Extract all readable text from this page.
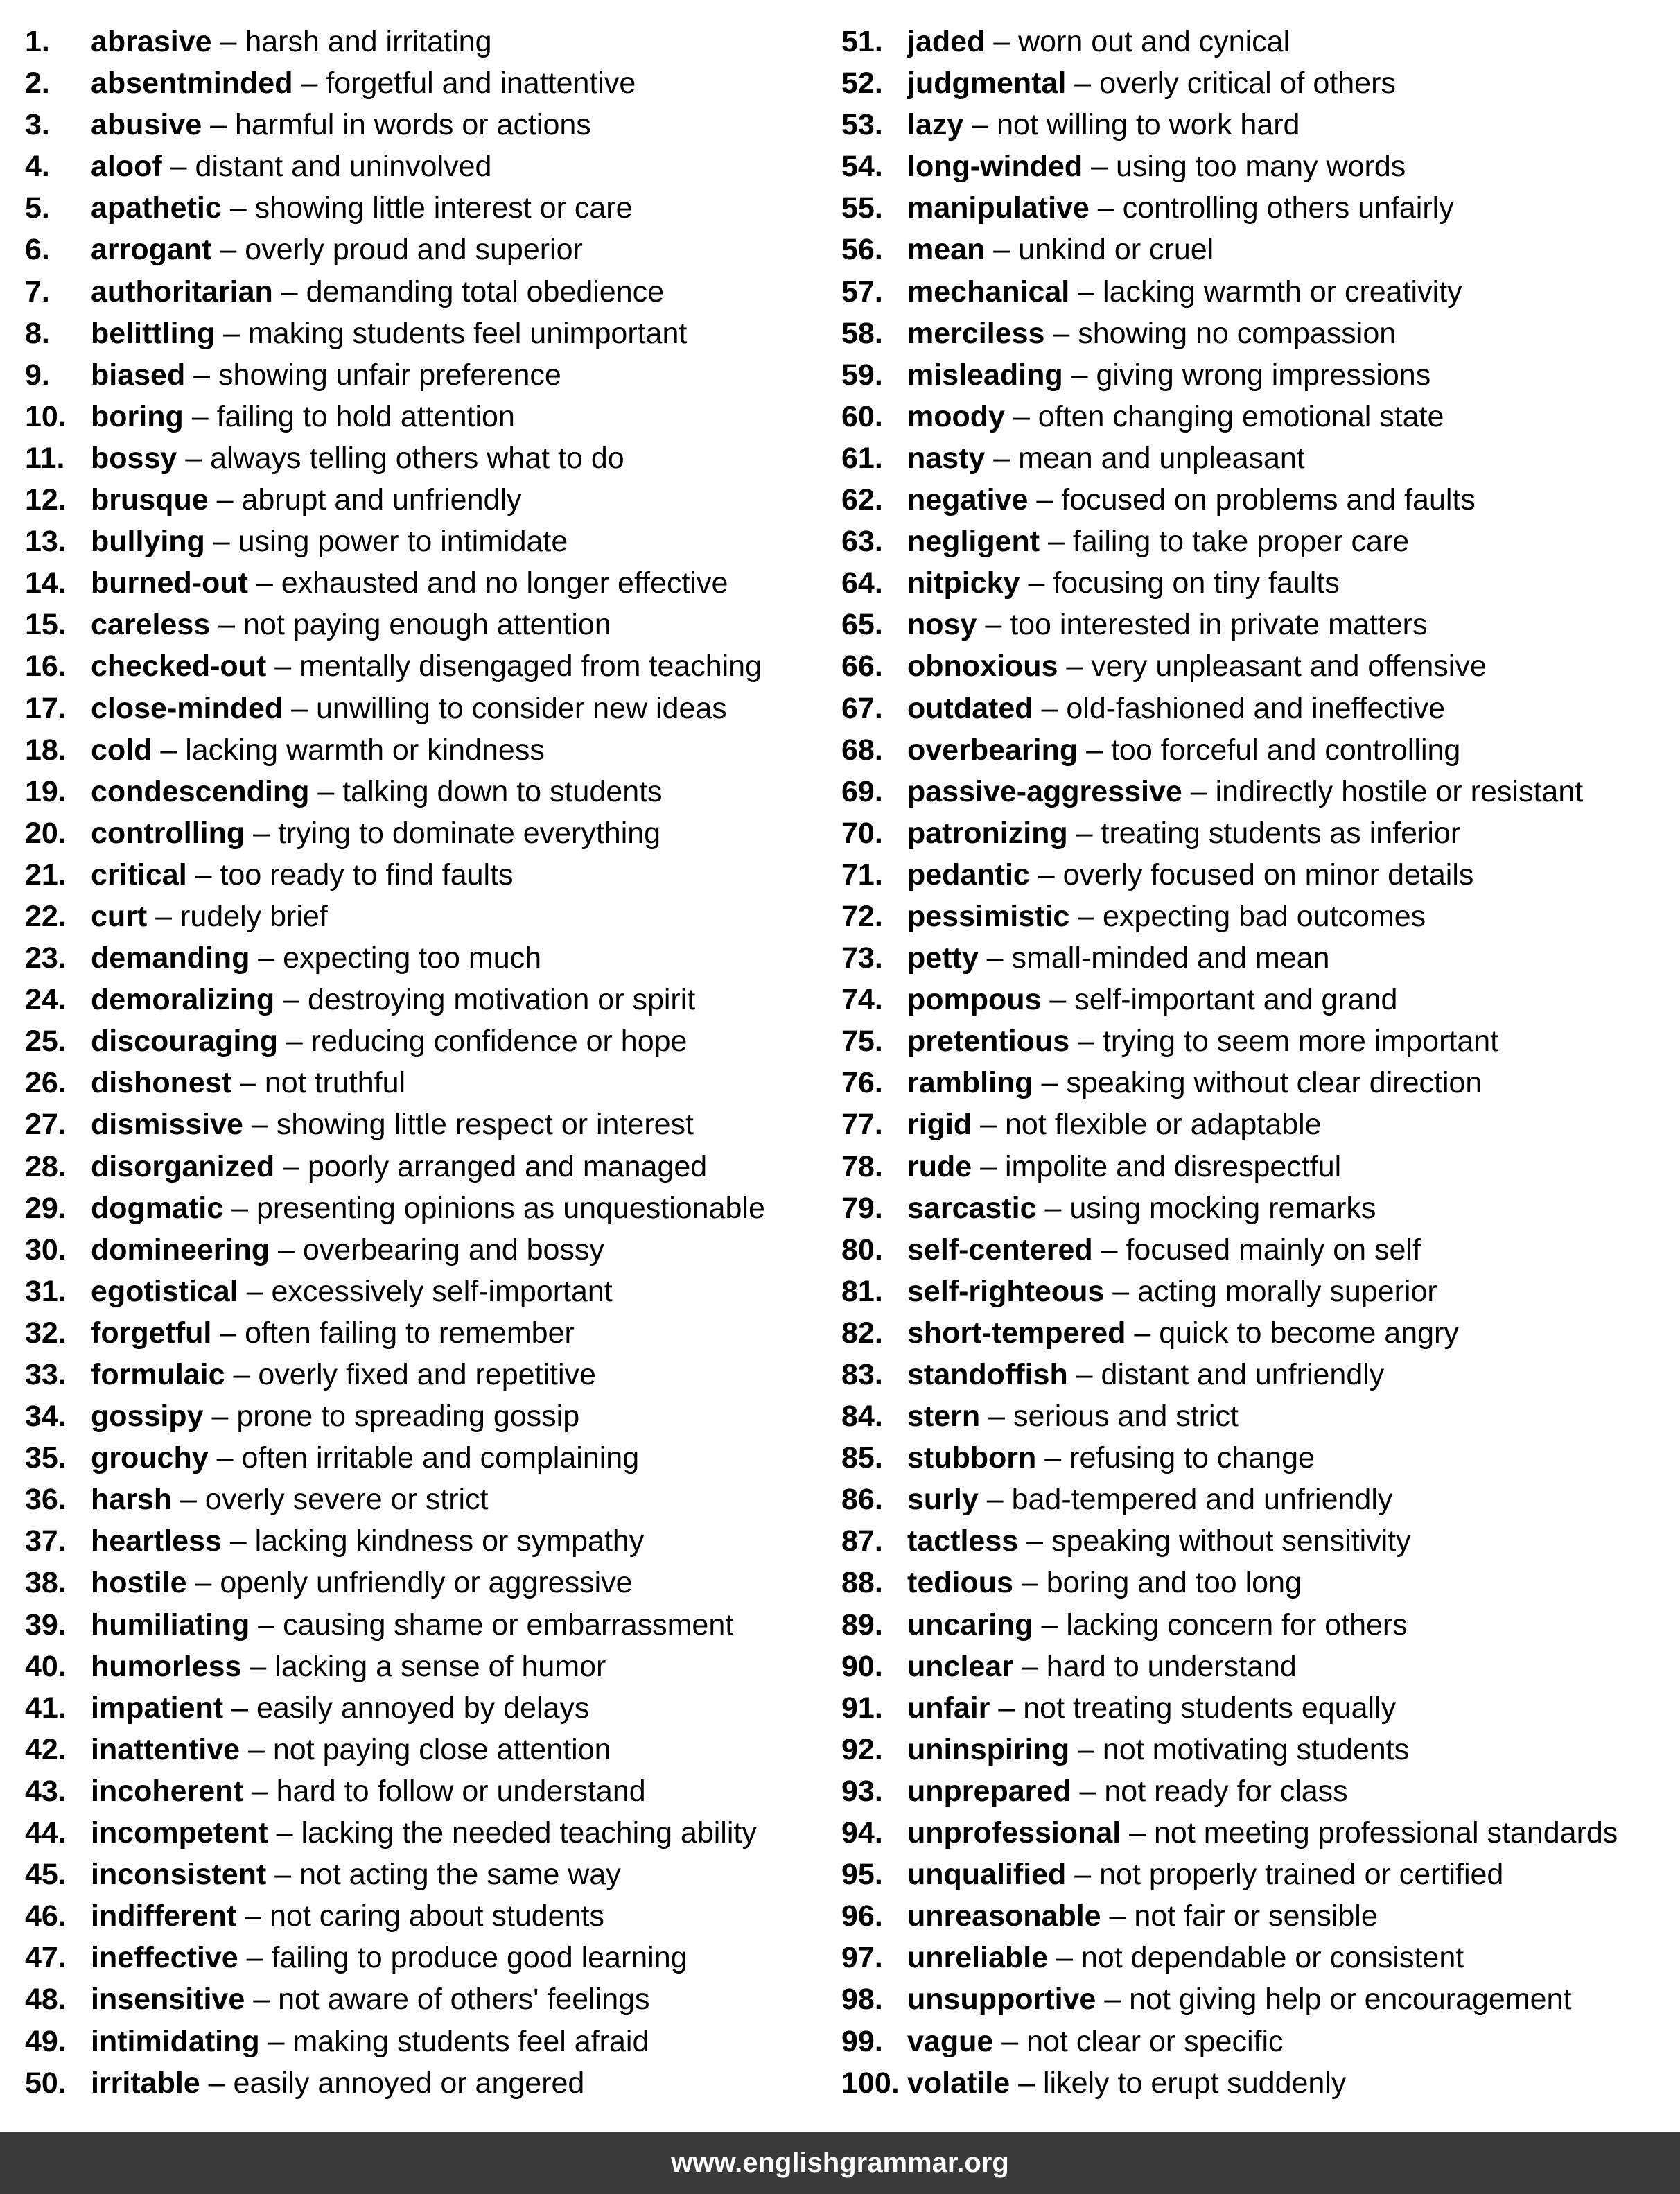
1. abrasive – harsh and irritating
2. absentminded – forgetful and inattentive
3. abusive – harmful in words or actions
4. aloof – distant and uninvolved
5. apathetic – showing little interest or care
6. arrogant – overly proud and superior
7. authoritarian – demanding total obedience
8. belittling – making students feel unimportant
9. biased – showing unfair preference
10. boring – failing to hold attention
11. bossy – always telling others what to do
12. brusque – abrupt and unfriendly
13. bullying – using power to intimidate
14. burned-out – exhausted and no longer effective
15. careless – not paying enough attention
16. checked-out – mentally disengaged from teaching
17. close-minded – unwilling to consider new ideas
18. cold – lacking warmth or kindness
19. condescending – talking down to students
20. controlling – trying to dominate everything
21. critical – too ready to find faults
22. curt – rudely brief
23. demanding – expecting too much
24. demoralizing – destroying motivation or spirit
25. discouraging – reducing confidence or hope
26. dishonest – not truthful
27. dismissive – showing little respect or interest
28. disorganized – poorly arranged and managed
29. dogmatic – presenting opinions as unquestionable
30. domineering – overbearing and bossy
31. egotistical – excessively self-important
32. forgetful – often failing to remember
33. formulaic – overly fixed and repetitive
34. gossipy – prone to spreading gossip
35. grouchy – often irritable and complaining
36. harsh – overly severe or strict
37. heartless – lacking kindness or sympathy
38. hostile – openly unfriendly or aggressive
39. humiliating – causing shame or embarrassment
40. humorless – lacking a sense of humor
41. impatient – easily annoyed by delays
42. inattentive – not paying close attention
43. incoherent – hard to follow or understand
44. incompetent – lacking the needed teaching ability
45. inconsistent – not acting the same way
46. indifferent – not caring about students
47. ineffective – failing to produce good learning
48. insensitive – not aware of others' feelings
49. intimidating – making students feel afraid
50. irritable – easily annoyed or angered
51. jaded – worn out and cynical
52. judgmental – overly critical of others
53. lazy – not willing to work hard
54. long-winded – using too many words
55. manipulative – controlling others unfairly
56. mean – unkind or cruel
57. mechanical – lacking warmth or creativity
58. merciless – showing no compassion
59. misleading – giving wrong impressions
60. moody – often changing emotional state
61. nasty – mean and unpleasant
62. negative – focused on problems and faults
63. negligent – failing to take proper care
64. nitpicky – focusing on tiny faults
65. nosy – too interested in private matters
66. obnoxious – very unpleasant and offensive
67. outdated – old-fashioned and ineffective
68. overbearing – too forceful and controlling
69. passive-aggressive – indirectly hostile or resistant
70. patronizing – treating students as inferior
71. pedantic – overly focused on minor details
72. pessimistic – expecting bad outcomes
73. petty – small-minded and mean
74. pompous – self-important and grand
75. pretentious – trying to seem more important
76. rambling – speaking without clear direction
77. rigid – not flexible or adaptable
78. rude – impolite and disrespectful
79. sarcastic – using mocking remarks
80. self-centered – focused mainly on self
81. self-righteous – acting morally superior
82. short-tempered – quick to become angry
83. standoffish – distant and unfriendly
84. stern – serious and strict
85. stubborn – refusing to change
86. surly – bad-tempered and unfriendly
87. tactless – speaking without sensitivity
88. tedious – boring and too long
89. uncaring – lacking concern for others
90. unclear – hard to understand
91. unfair – not treating students equally
92. uninspiring – not motivating students
93. unprepared – not ready for class
94. unprofessional – not meeting professional standards
95. unqualified – not properly trained or certified
96. unreasonable – not fair or sensible
97. unreliable – not dependable or consistent
98. unsupportive – not giving help or encouragement
99. vague – not clear or specific
100. volatile – likely to erupt suddenly
www.englishgrammar.org
